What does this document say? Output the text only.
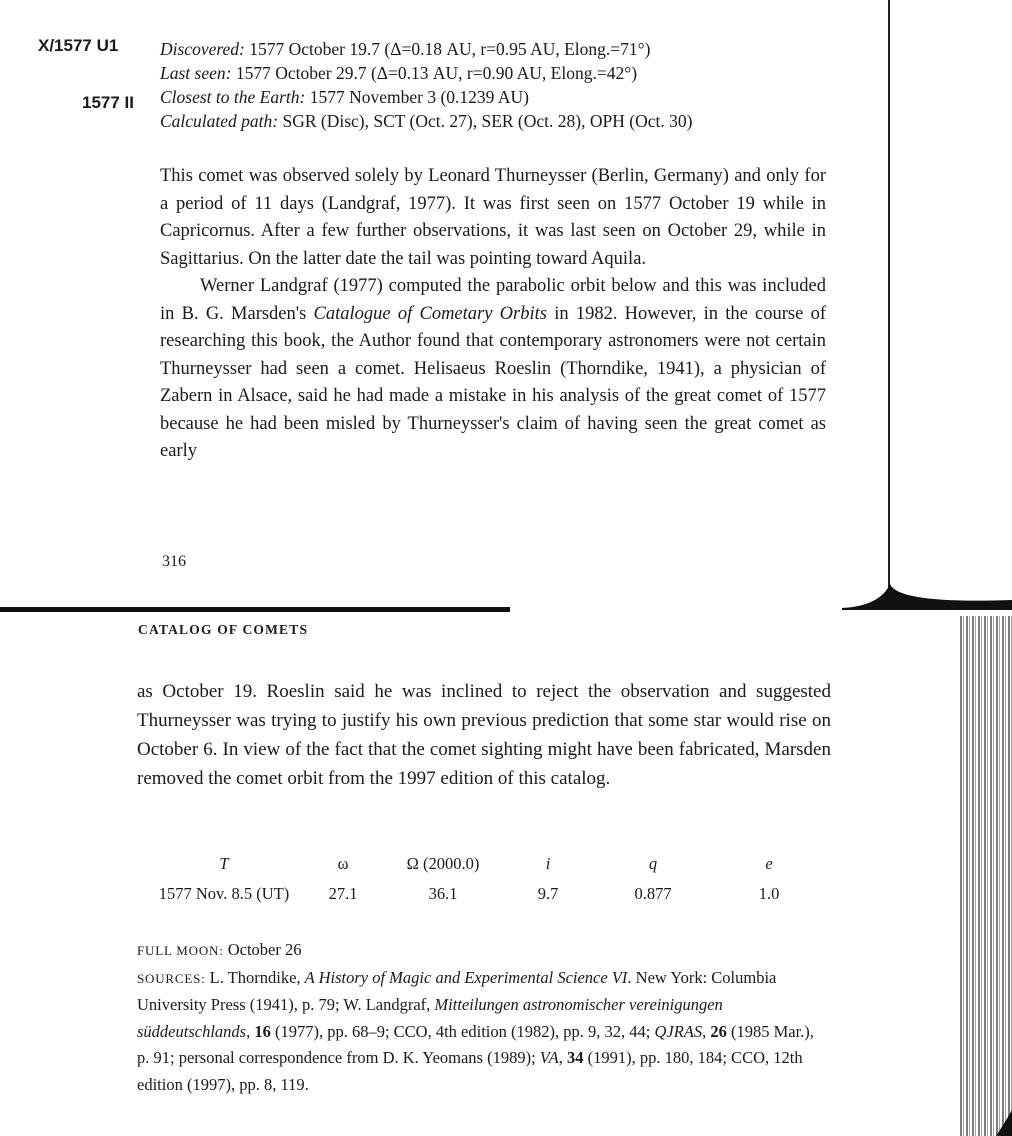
X/1577 U1
1577 II
Discovered: 1577 October 19.7 (Δ=0.18 AU, r=0.95 AU, Elong.=71°)
Last seen: 1577 October 29.7 (Δ=0.13 AU, r=0.90 AU, Elong.=42°)
Closest to the Earth: 1577 November 3 (0.1239 AU)
Calculated path: SGR (Disc), SCT (Oct. 27), SER (Oct. 28), OPH (Oct. 30)

This comet was observed solely by Leonard Thurneysser (Berlin, Germany) and only for a period of 11 days (Landgraf, 1977). It was first seen on 1577 October 19 while in Capricornus. After a few further observations, it was last seen on October 29, while in Sagittarius. On the latter date the tail was pointing toward Aquila.

Werner Landgraf (1977) computed the parabolic orbit below and this was included in B. G. Marsden's Catalogue of Cometary Orbits in 1982. However, in the course of researching this book, the Author found that contemporary astronomers were not certain Thurneysser had seen a comet. Helisaeus Roeslin (Thorndike, 1941), a physician of Zabern in Alsace, said he had made a mistake in his analysis of the great comet of 1577 because he had been misled by Thurneysser's claim of having seen the great comet as early

316
CATALOG OF COMETS

as October 19. Roeslin said he was inclined to reject the observation and suggested Thurneysser was trying to justify his own previous prediction that some star would rise on October 6. In view of the fact that the comet sighting might have been fabricated, Marsden removed the comet orbit from the 1997 edition of this catalog.

T	ω	Ω (2000.0)	i	q	e
1577 Nov. 8.5 (UT)	27.1	36.1	9.7	0.877	1.0
FULL MOON: October 26
SOURCES: L. Thorndike, A History of Magic and Experimental Science VI. New York: Columbia University Press (1941), p. 79; W. Landgraf, Mitteilungen astronomischer vereinigungen süddeutschlands, 16 (1977), pp. 68–9; CCO, 4th edition (1982), pp. 9, 32, 44; QJRAS, 26 (1985 Mar.), p. 91; personal correspondence from D. K. Yeomans (1989); VA, 34 (1991), pp. 180, 184; CCO, 12th edition (1997), pp. 8, 119.
